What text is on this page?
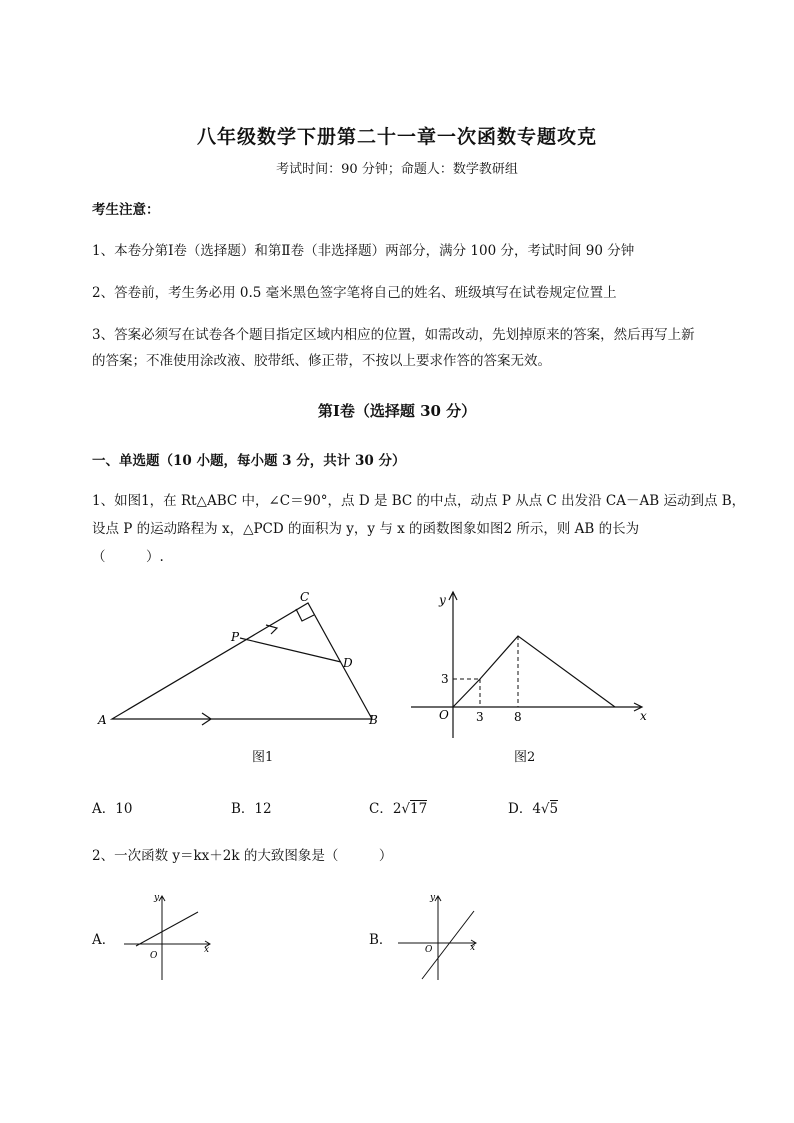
八年级数学下册第二十一章一次函数专题攻克
考试时间：90 分钟；命题人：数学教研组
考生注意：
1、本卷分第Ⅰ卷（选择题）和第Ⅱ卷（非选择题）两部分，满分 100 分，考试时间 90 分钟
2、答卷前，考生务必用 0.5 毫米黑色签字笔将自己的姓名、班级填写在试卷规定位置上
3、答案必须写在试卷各个题目指定区域内相应的位置，如需改动，先划掉原来的答案，然后再写上新
的答案；不准使用涂改液、胶带纸、修正带，不按以上要求作答的答案无效。
第Ⅰ卷（选择题 30 分）
一、单选题（10 小题，每小题 3 分，共计 30 分）
1、如图1，在 Rt△ABC 中，∠C＝90°，点 D 是 BC 的中点，动点 P 从点 C 出发沿 CA－AB 运动到点 B，
设点 P 的运动路程为 x，△PCD 的面积为 y，y 与 x 的函数图象如图2 所示，则 AB 的长为
（　　　）.
A	B
C
D
P
图1
y
x
O
3
3	8
图2
A．10	B．12	C．2√17	D．4√5
2、一次函数 y＝kx＋2k 的大致图象是（　　　）
A．
y
x
O
B．
y
x
O
